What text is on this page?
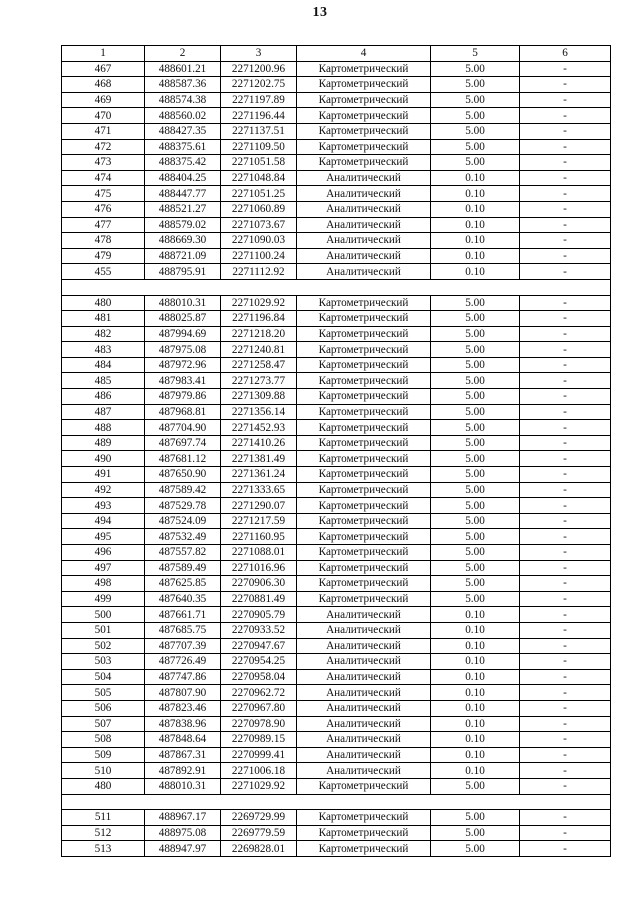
13
1	2	3	4	5	6
467	488601.21	2271200.96	Картометрический	5.00	-
468	488587.36	2271202.75	Картометрический	5.00	-
469	488574.38	2271197.89	Картометрический	5.00	-
470	488560.02	2271196.44	Картометрический	5.00	-
471	488427.35	2271137.51	Картометрический	5.00	-
472	488375.61	2271109.50	Картометрический	5.00	-
473	488375.42	2271051.58	Картометрический	5.00	-
474	488404.25	2271048.84	Аналитический	0.10	-
475	488447.77	2271051.25	Аналитический	0.10	-
476	488521.27	2271060.89	Аналитический	0.10	-
477	488579.02	2271073.67	Аналитический	0.10	-
478	488669.30	2271090.03	Аналитический	0.10	-
479	488721.09	2271100.24	Аналитический	0.10	-
455	488795.91	2271112.92	Аналитический	0.10	-

480	488010.31	2271029.92	Картометрический	5.00	-
481	488025.87	2271196.84	Картометрический	5.00	-
482	487994.69	2271218.20	Картометрический	5.00	-
483	487975.08	2271240.81	Картометрический	5.00	-
484	487972.96	2271258.47	Картометрический	5.00	-
485	487983.41	2271273.77	Картометрический	5.00	-
486	487979.86	2271309.88	Картометрический	5.00	-
487	487968.81	2271356.14	Картометрический	5.00	-
488	487704.90	2271452.93	Картометрический	5.00	-
489	487697.74	2271410.26	Картометрический	5.00	-
490	487681.12	2271381.49	Картометрический	5.00	-
491	487650.90	2271361.24	Картометрический	5.00	-
492	487589.42	2271333.65	Картометрический	5.00	-
493	487529.78	2271290.07	Картометрический	5.00	-
494	487524.09	2271217.59	Картометрический	5.00	-
495	487532.49	2271160.95	Картометрический	5.00	-
496	487557.82	2271088.01	Картометрический	5.00	-
497	487589.49	2271016.96	Картометрический	5.00	-
498	487625.85	2270906.30	Картометрический	5.00	-
499	487640.35	2270881.49	Картометрический	5.00	-
500	487661.71	2270905.79	Аналитический	0.10	-
501	487685.75	2270933.52	Аналитический	0.10	-
502	487707.39	2270947.67	Аналитический	0.10	-
503	487726.49	2270954.25	Аналитический	0.10	-
504	487747.86	2270958.04	Аналитический	0.10	-
505	487807.90	2270962.72	Аналитический	0.10	-
506	487823.46	2270967.80	Аналитический	0.10	-
507	487838.96	2270978.90	Аналитический	0.10	-
508	487848.64	2270989.15	Аналитический	0.10	-
509	487867.31	2270999.41	Аналитический	0.10	-
510	487892.91	2271006.18	Аналитический	0.10	-
480	488010.31	2271029.92	Картометрический	5.00	-

511	488967.17	2269729.99	Картометрический	5.00	-
512	488975.08	2269779.59	Картометрический	5.00	-
513	488947.97	2269828.01	Картометрический	5.00	-
